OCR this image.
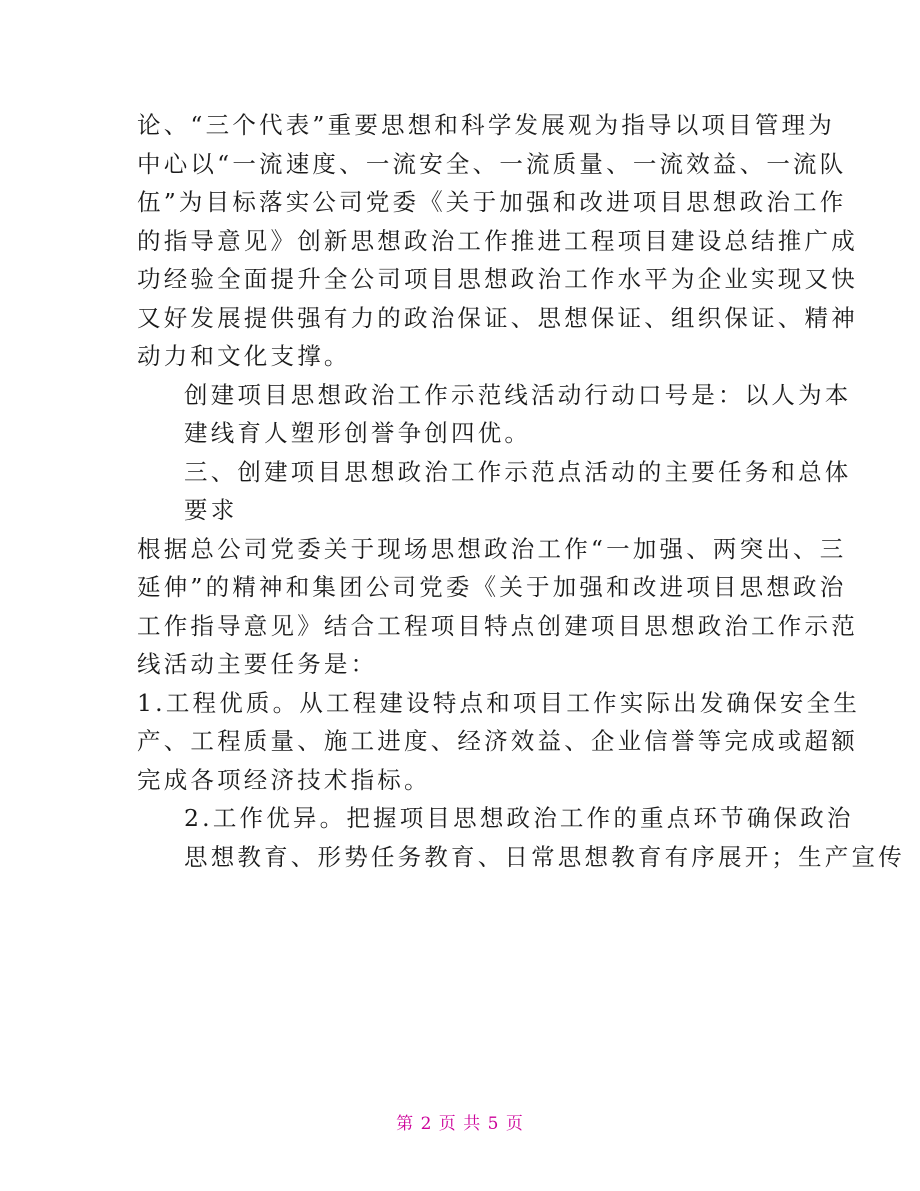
论、“三个代表”重要思想和科学发展观为指导以项目管理为
中心以“一流速度、一流安全、一流质量、一流效益、一流队
伍”为目标落实公司党委《关于加强和改进项目思想政治工作
的指导意见》创新思想政治工作推进工程项目建设总结推广成
功经验全面提升全公司项目思想政治工作水平为企业实现又快
又好发展提供强有力的政治保证、思想保证、组织保证、精神
动力和文化支撑。
创建项目思想政治工作示范线活动行动口号是：以人为本
建线育人塑形创誉争创四优。
三、创建项目思想政治工作示范点活动的主要任务和总体
要求
根据总公司党委关于现场思想政治工作“一加强、两突出、三
延伸”的精神和集团公司党委《关于加强和改进项目思想政治
工作指导意见》结合工程项目特点创建项目思想政治工作示范
线活动主要任务是：
1.工程优质。从工程建设特点和项目工作实际出发确保安全生
产、工程质量、施工进度、经济效益、企业信誉等完成或超额
完成各项经济技术指标。
2.工作优异。把握项目思想政治工作的重点环节确保政治
思想教育、形势任务教育、日常思想教育有序展开；生产宣传
第 2 页 共 5 页
